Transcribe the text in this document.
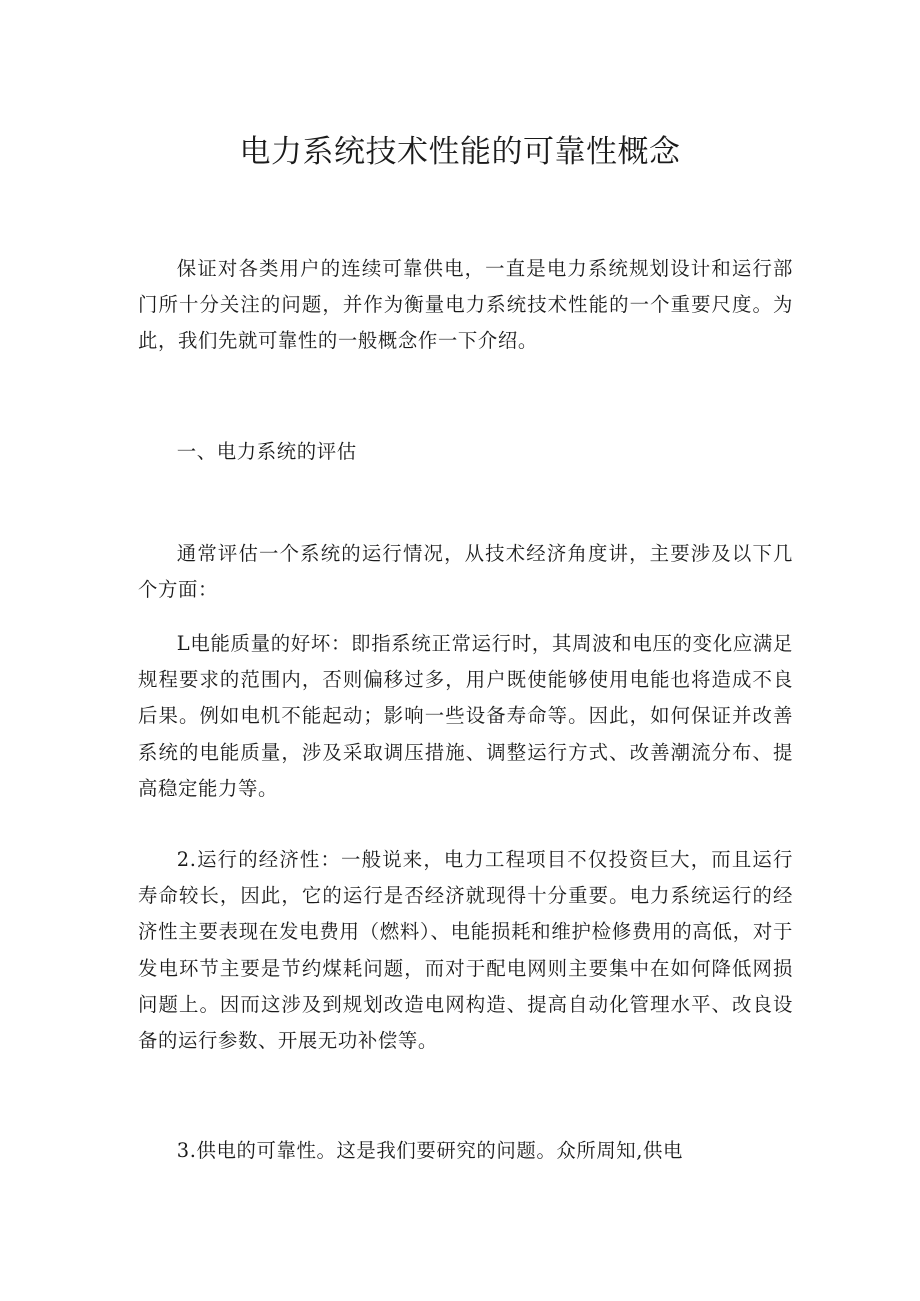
电力系统技术性能的可靠性概念

保证对各类用户的连续可靠供电，一直是电力系统规划设计和运行部门所十分关注的问题，并作为衡量电力系统技术性能的一个重要尺度。为此，我们先就可靠性的一般概念作一下介绍。

一、电力系统的评估

通常评估一个系统的运行情况，从技术经济角度讲，主要涉及以下几个方面：

L电能质量的好坏：即指系统正常运行时，其周波和电压的变化应满足规程要求的范围内，否则偏移过多，用户既使能够使用电能也将造成不良后果。例如电机不能起动；影响一些设备寿命等。因此，如何保证并改善系统的电能质量，涉及采取调压措施、调整运行方式、改善潮流分布、提高稳定能力等。

2.运行的经济性：一般说来，电力工程项目不仅投资巨大，而且运行寿命较长，因此，它的运行是否经济就现得十分重要。电力系统运行的经济性主要表现在发电费用（燃料）、电能损耗和维护检修费用的高低，对于发电环节主要是节约煤耗问题，而对于配电网则主要集中在如何降低网损问题上。因而这涉及到规划改造电网构造、提高自动化管理水平、改良设备的运行参数、开展无功补偿等。

3.供电的可靠性。这是我们要研究的问题。众所周知,供电
